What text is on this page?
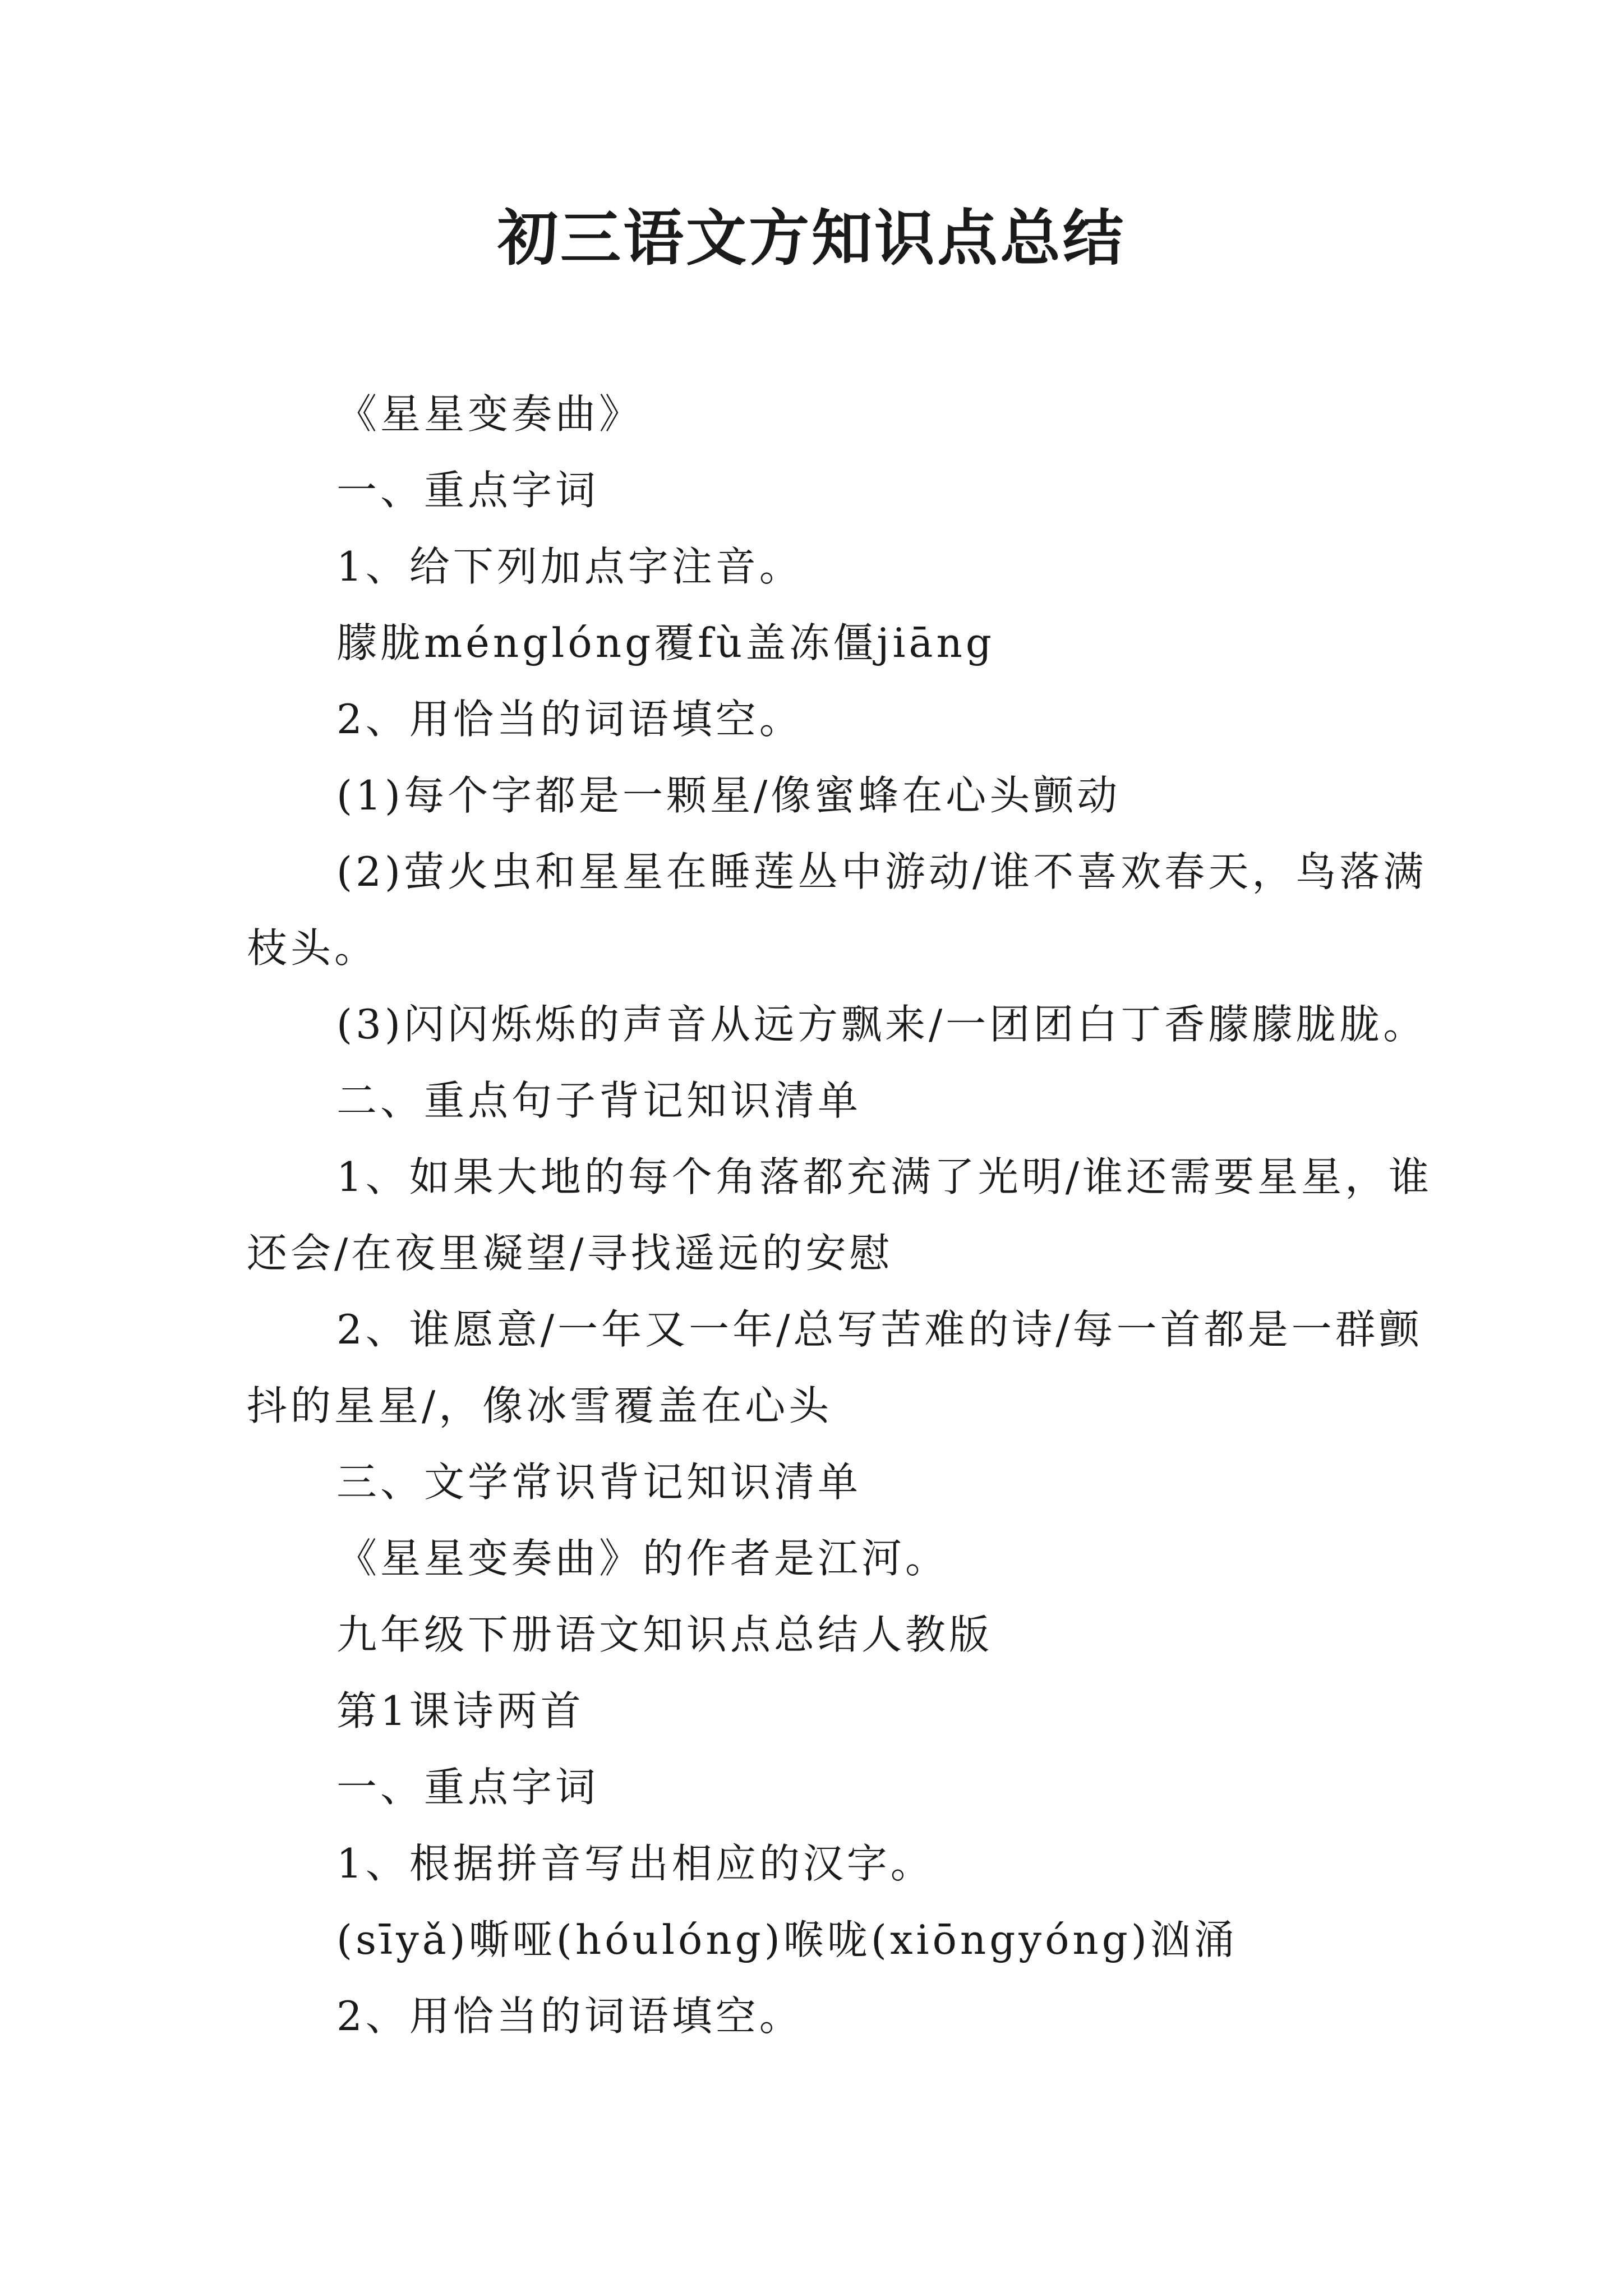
初三语文方知识点总结

《星星变奏曲》

一、重点字词

1、给下列加点字注音。

朦胧ménglóng覆fù盖冻僵jiāng

2、用恰当的词语填空。

(1)每个字都是一颗星/像蜜蜂在心头颤动

(2)萤火虫和星星在睡莲丛中游动/谁不喜欢春天，鸟落满枝头。

(3)闪闪烁烁的声音从远方飘来/一团团白丁香朦朦胧胧。

二、重点句子背记知识清单

1、如果大地的每个角落都充满了光明/谁还需要星星，谁还会/在夜里凝望/寻找遥远的安慰

2、谁愿意/一年又一年/总写苦难的诗/每一首都是一群颤抖的星星/，像冰雪覆盖在心头

三、文学常识背记知识清单

《星星变奏曲》的作者是江河。

九年级下册语文知识点总结人教版

第1课诗两首

一、重点字词

1、根据拼音写出相应的汉字。

(sīyǎ)嘶哑(hóulóng)喉咙(xiōngyóng)汹涌

2、用恰当的词语填空。
